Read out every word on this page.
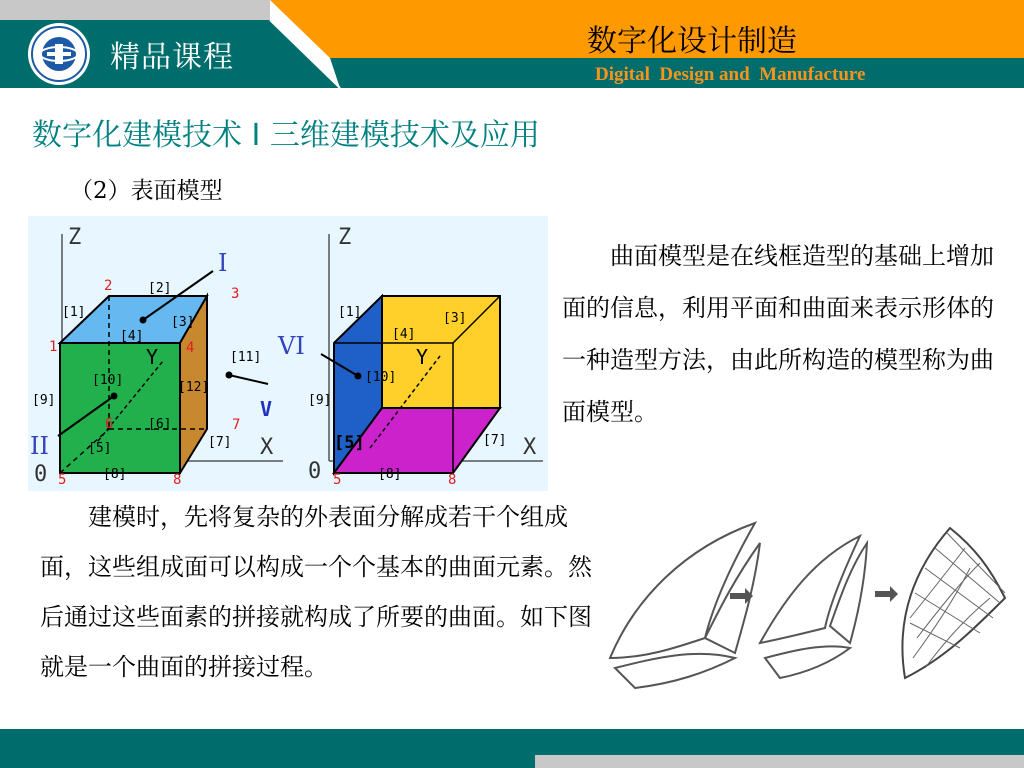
精品课程	数字化设计制造
Digital  Design and  Manufacture
数字化建模技术 I 三维建模技术及应用
（2）表面模型
Z
X
0
Y
1
2	3
4
5
6	7
8
[1]
[2]
[3]
[4]
[5]
[6]
[7]
[8]
[9]
[10]
[11]
[12]
I
II
V
Z
X
0
Y
5	8
[1]	[3]
[4]
[7]
[8]
[9]
[10]
VI
[5]
曲面模型是在线框造型的基础上增加面的信息，利用平面和曲面来表示形体的一种造型方法，由此所构造的模型称为曲面模型。
建模时，先将复杂的外表面分解成若干个组成面，这些组成面可以构成一个个基本的曲面元素。然后通过这些面素的拼接就构成了所要的曲面。如下图就是一个曲面的拼接过程。
